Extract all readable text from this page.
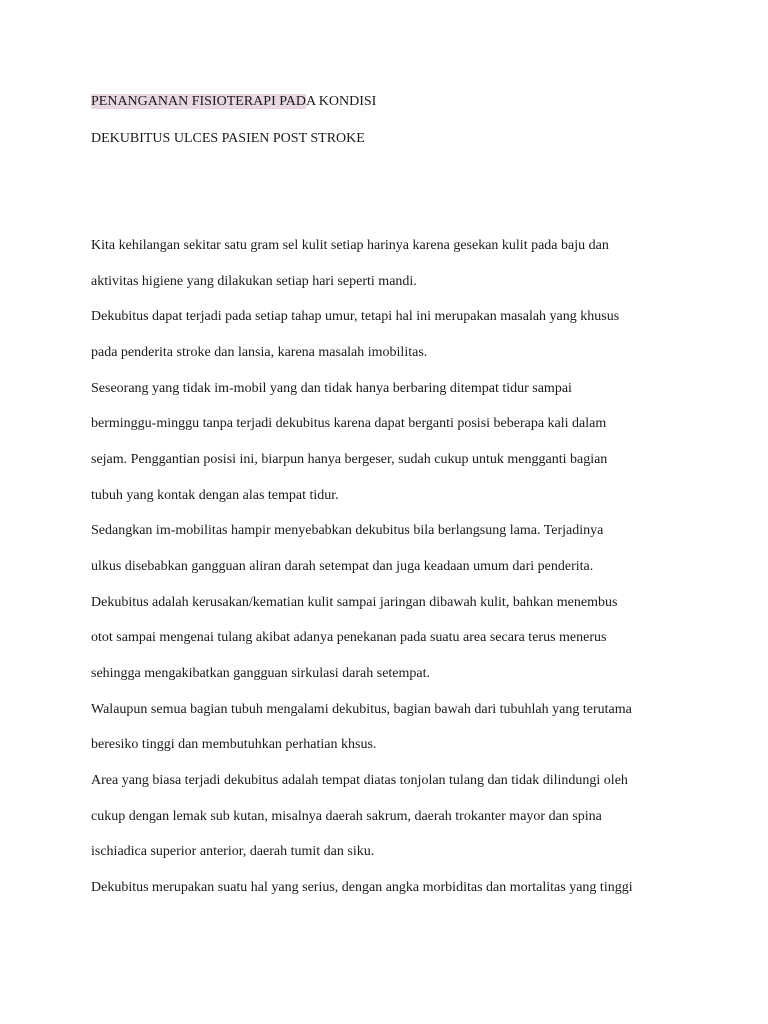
PENANGANAN FISIOTERAPI PADA KONDISI
DEKUBITUS ULCES PASIEN POST STROKE
Kita kehilangan sekitar satu gram sel kulit setiap harinya karena gesekan kulit pada baju dan
aktivitas higiene yang dilakukan setiap hari seperti mandi.
Dekubitus dapat terjadi pada setiap tahap umur, tetapi hal ini merupakan masalah yang khusus
pada penderita stroke dan lansia, karena masalah imobilitas.
Seseorang yang tidak im-mobil yang dan tidak hanya berbaring ditempat tidur sampai
berminggu-minggu tanpa terjadi dekubitus karena dapat berganti posisi beberapa kali dalam
sejam. Penggantian posisi ini, biarpun hanya bergeser, sudah cukup untuk mengganti bagian
tubuh yang kontak dengan alas tempat tidur.
Sedangkan im-mobilitas hampir menyebabkan dekubitus bila berlangsung lama. Terjadinya
ulkus disebabkan gangguan aliran darah setempat dan juga keadaan umum dari penderita.
Dekubitus adalah kerusakan/kematian kulit sampai jaringan dibawah kulit, bahkan menembus
otot sampai mengenai tulang akibat adanya penekanan pada suatu area secara terus menerus
sehingga mengakibatkan gangguan sirkulasi darah setempat.
Walaupun semua bagian tubuh mengalami dekubitus, bagian bawah dari tubuhlah yang terutama
beresiko tinggi dan membutuhkan perhatian khsus.
Area yang biasa terjadi dekubitus adalah tempat diatas tonjolan tulang dan tidak dilindungi oleh
cukup dengan lemak sub kutan, misalnya daerah sakrum, daerah trokanter mayor dan spina
ischiadica superior anterior, daerah tumit dan siku.
Dekubitus merupakan suatu hal yang serius, dengan angka morbiditas dan mortalitas yang tinggi
